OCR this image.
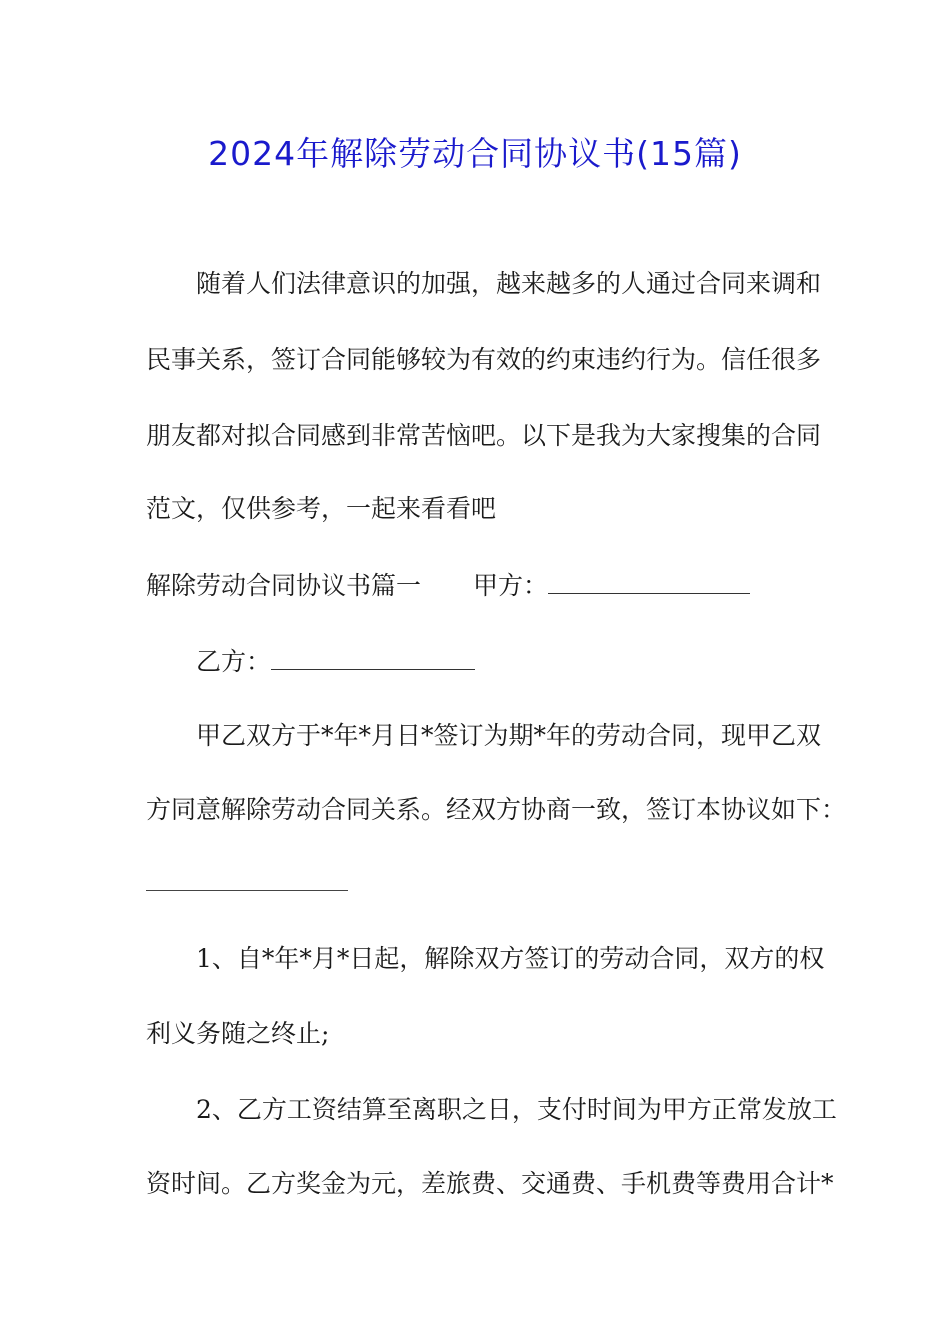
2024年解除劳动合同协议书(15篇)
随着人们法律意识的加强，越来越多的人通过合同来调和
民事关系，签订合同能够较为有效的约束违约行为。信任很多
朋友都对拟合同感到非常苦恼吧。以下是我为大家搜集的合同
范文，仅供参考，一起来看看吧
解除劳动合同协议书篇一 甲方：
乙方：
甲乙双方于*年*月日*签订为期*年的劳动合同，现甲乙双
方同意解除劳动合同关系。经双方协商一致，签订本协议如下：
1、自*年*月*日起，解除双方签订的劳动合同，双方的权
利义务随之终止;
2、乙方工资结算至离职之日，支付时间为甲方正常发放工
资时间。乙方奖金为元，差旅费、交通费、手机费等费用合计*
